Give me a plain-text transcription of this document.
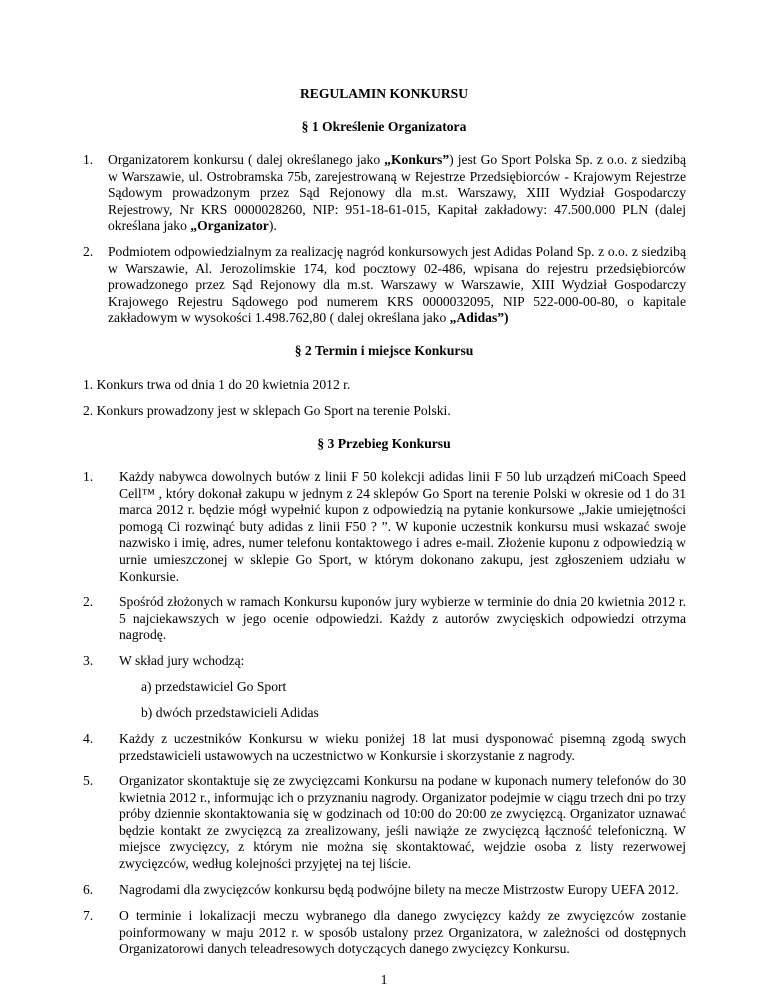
REGULAMIN KONKURSU
§ 1 Określenie Organizatora
1.	Organizatorem konkursu ( dalej określanego jako „Konkurs”) jest Go Sport Polska Sp. z o.o. z siedzibą w Warszawie, ul. Ostrobramska 75b, zarejestrowaną w Rejestrze Przedsiębiorców - Krajowym Rejestrze Sądowym prowadzonym przez Sąd Rejonowy dla m.st. Warszawy, XIII Wydział Gospodarczy Rejestrowy, Nr KRS 0000028260, NIP: 951-18-61-015, Kapitał zakładowy: 47.500.000 PLN (dalej określana jako „Organizator).
2.	Podmiotem odpowiedzialnym za realizację nagród konkursowych jest Adidas Poland Sp. z o.o. z siedzibą w Warszawie, Al. Jerozolimskie 174, kod pocztowy 02-486, wpisana do rejestru przedsiębiorców prowadzonego przez Sąd Rejonowy dla m.st. Warszawy w Warszawie, XIII Wydział Gospodarczy Krajowego Rejestru Sądowego pod numerem KRS 0000032095, NIP 522-000-00-80, o kapitale zakładowym w wysokości 1.498.762,80 ( dalej określana jako „Adidas”)
§ 2 Termin i miejsce Konkursu
1. Konkurs trwa od dnia 1 do 20 kwietnia 2012 r.
2. Konkurs prowadzony jest w sklepach Go Sport na terenie Polski.
§ 3 Przebieg Konkursu
1.	Każdy nabywca dowolnych butów z linii F 50 kolekcji adidas linii F 50 lub urządzeń miCoach Speed Cell™ , który dokonał zakupu w jednym z 24 sklepów Go Sport na terenie Polski w okresie od 1 do 31 marca 2012 r. będzie mógł wypełnić kupon z odpowiedzią na pytanie konkursowe „Jakie umiejętności pomogą Ci rozwinąć buty adidas z linii F50 ? ”. W kuponie uczestnik konkursu musi wskazać swoje nazwisko i imię, adres, numer telefonu kontaktowego i adres e-mail. Złożenie kuponu z odpowiedzią w urnie umieszczonej w sklepie Go Sport, w którym dokonano zakupu, jest zgłoszeniem udziału w Konkursie.
2.	Spośród złożonych w ramach Konkursu kuponów jury wybierze w terminie do dnia 20 kwietnia 2012 r. 5 najciekawszych w jego ocenie odpowiedzi. Każdy z autorów zwycięskich odpowiedzi otrzyma nagrodę.
3.	W skład jury wchodzą:
a) przedstawiciel Go Sport
b) dwóch przedstawicieli Adidas
4.	Każdy z uczestników Konkursu w wieku poniżej 18 lat musi dysponować pisemną zgodą swych przedstawicieli ustawowych na uczestnictwo w Konkursie i skorzystanie z nagrody.
5.	Organizator skontaktuje się ze zwycięzcami Konkursu na podane w kuponach numery telefonów do 30 kwietnia 2012 r., informując ich o przyznaniu nagrody. Organizator podejmie w ciągu trzech dni po trzy próby dziennie skontaktowania się w godzinach od 10:00 do 20:00 ze zwycięzcą. Organizator uznawać będzie kontakt ze zwycięzcą za zrealizowany, jeśli nawiąże ze zwycięzcą łączność telefoniczną. W miejsce zwycięzcy, z którym nie można się skontaktować, wejdzie osoba z listy rezerwowej zwycięzców, według kolejności przyjętej na tej liście.
6.	Nagrodami dla zwycięzców konkursu będą podwójne bilety na mecze Mistrzostw Europy UEFA 2012.
7.	O terminie i lokalizacji meczu wybranego dla danego zwycięzcy każdy ze zwycięzców zostanie poinformowany w maju 2012 r. w sposób ustalony przez Organizatora, w zależności od dostępnych Organizatorowi danych teleadresowych dotyczących danego zwycięzcy Konkursu.
1
